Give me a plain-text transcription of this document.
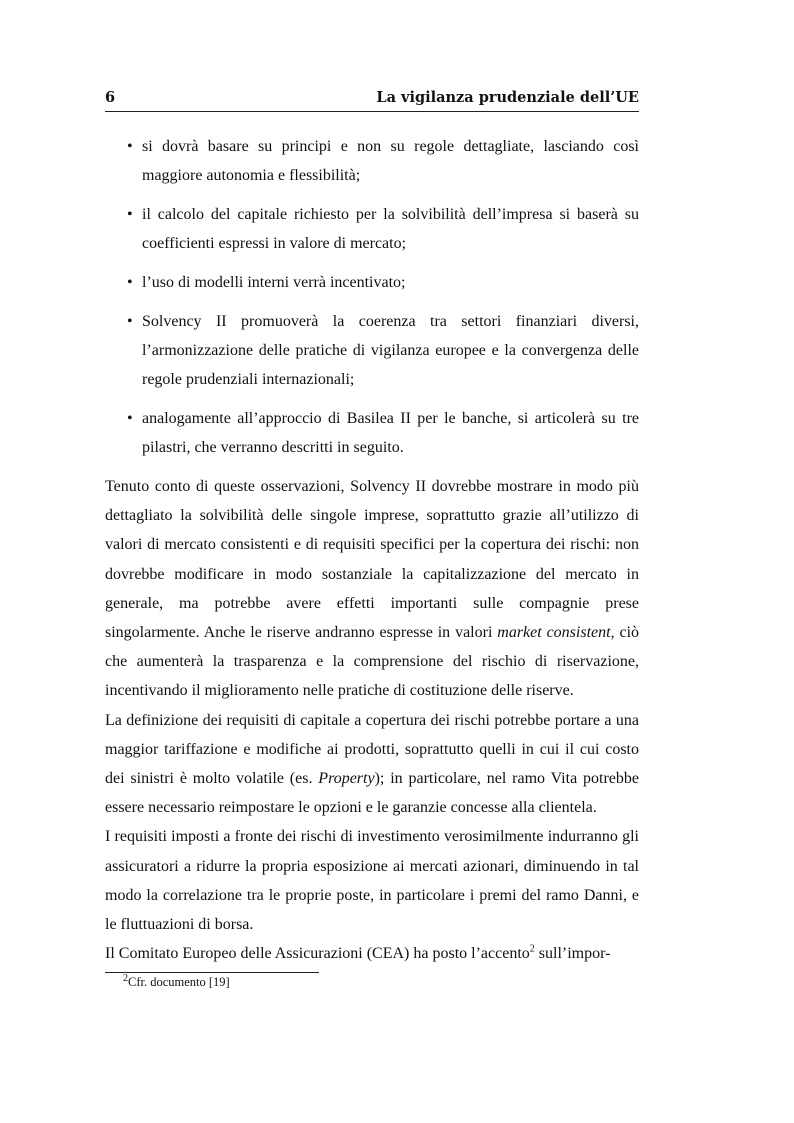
6	La vigilanza prudenziale dell’UE
• si dovrà basare su principi e non su regole dettagliate, lasciando così maggiore autonomia e flessibilità;
• il calcolo del capitale richiesto per la solvibilità dell’impresa si baserà su coefficienti espressi in valore di mercato;
• l’uso di modelli interni verrà incentivato;
• Solvency II promuoverà la coerenza tra settori finanziari diversi, l’armonizzazione delle pratiche di vigilanza europee e la convergenza delle regole prudenziali internazionali;
• analogamente all’approccio di Basilea II per le banche, si articolerà su tre pilastri, che verranno descritti in seguito.

Tenuto conto di queste osservazioni, Solvency II dovrebbe mostrare in modo più dettagliato la solvibilità delle singole imprese, soprattutto grazie all’utilizzo di valori di mercato consistenti e di requisiti specifici per la copertura dei rischi: non dovrebbe modificare in modo sostanziale la capitalizzazione del mercato in generale, ma potrebbe avere effetti importanti sulle compagnie prese singolarmente. Anche le riserve andranno espresse in valori market consistent, ciò che aumenterà la trasparenza e la comprensione del rischio di riservazione, incentivando il miglioramento nelle pratiche di costituzione delle riserve.

La definizione dei requisiti di capitale a copertura dei rischi potrebbe portare a una maggior tariffazione e modifiche ai prodotti, soprattutto quelli in cui il cui costo dei sinistri è molto volatile (es. Property); in particolare, nel ramo Vita potrebbe essere necessario reimpostare le opzioni e le garanzie concesse alla clientela.

I requisiti imposti a fronte dei rischi di investimento verosimilmente indurranno gli assicuratori a ridurre la propria esposizione ai mercati azionari, diminuendo in tal modo la correlazione tra le proprie poste, in particolare i premi del ramo Danni, e le fluttuazioni di borsa.

Il Comitato Europeo delle Assicurazioni (CEA) ha posto l’accento$^2$ sull’impor-

$^2$Cfr. documento [19]
